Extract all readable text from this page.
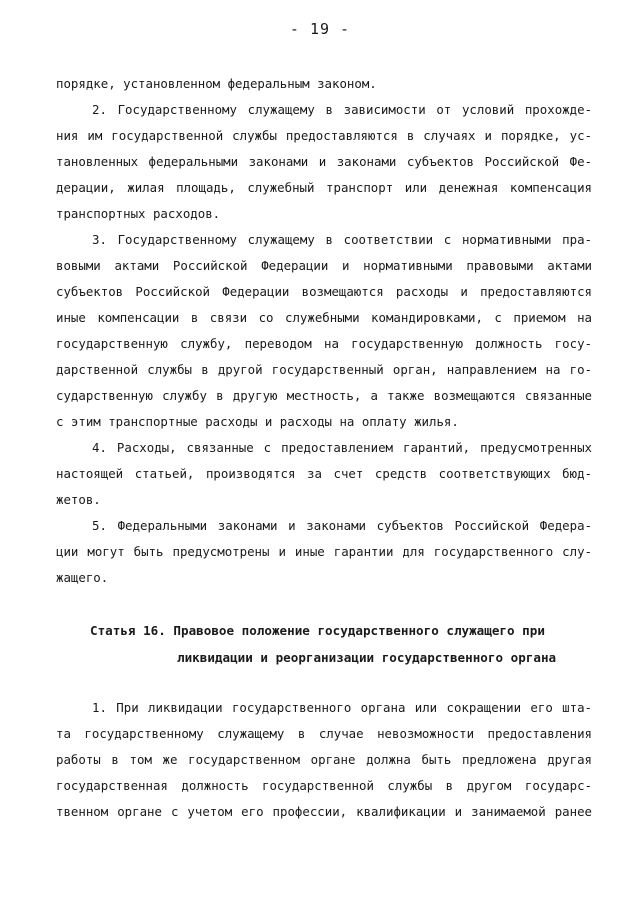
- 19 -
порядке, установленном федеральным законом.
2. Государственному служащему в зависимости от условий прохожде-
ния им государственной службы предоставляются в случаях и порядке, ус-
тановленных федеральными законами и законами субъектов Российской Фе-
дерации, жилая площадь, служебный транспорт или денежная компенсация
транспортных расходов.
3. Государственному служащему в соответствии с нормативными пра-
вовыми актами Российской Федерации и нормативными правовыми актами
субъектов Российской Федерации возмещаются расходы и предоставляются
иные компенсации в связи со служебными командировками, с приемом на
государственную службу, переводом на государственную должность госу-
дарственной службы в другой государственный орган, направлением на го-
сударственную службу в другую местность, а также возмещаются связанные
с этим транспортные расходы и расходы на оплату жилья.
4. Расходы, связанные с предоставлением гарантий, предусмотренных
настоящей статьей, производятся за счет средств соответствующих бюд-
жетов.
5. Федеральными законами и законами субъектов Российской Федера-
ции могут быть предусмотрены и иные гарантии для государственного слу-
жащего.
Статья 16. Правовое положение государственного служащего при
ликвидации и реорганизации государственного органа
1. При ликвидации государственного органа или сокращении его шта-
та государственному служащему в случае невозможности предоставления
работы в том же государственном органе должна быть предложена другая
государственная должность государственной службы в другом государс-
твенном органе с учетом его профессии, квалификации и занимаемой ранее
